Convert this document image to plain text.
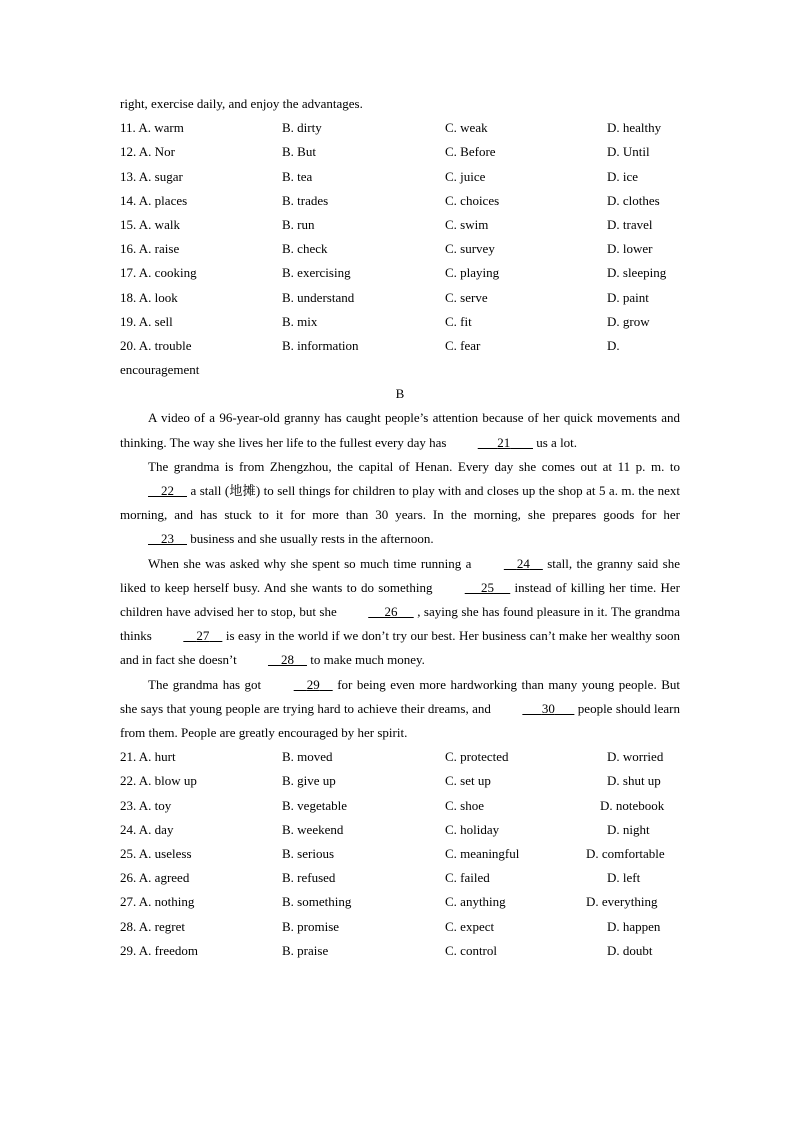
right, exercise daily, and enjoy the advantages.
11. A. warm	B. dirty	C. weak	D. healthy
12. A. Nor	B. But	C. Before	D. Until
13. A. sugar	B. tea	C. juice	D. ice
14. A. places	B. trades	C. choices	D. clothes
15. A. walk	B. run	C. swim	D. travel
16. A. raise	B. check	C. survey	D. lower
17. A. cooking	B. exercising	C. playing	D. sleeping
18. A. look	B. understand	C. serve	D. paint
19. A. sell	B. mix	C. fit	D. grow
20. A. trouble	B. information	C. fear	D.
encouragement
B

A video of a 96-year-old granny has caught people’s attention because of her quick movements and thinking. The way she lives her life to the fullest every day has	21        us a lot.

The grandma is from Zhengzhou, the capital of Henan. Every day she comes out at 11 p. m. to     22     a stall (地摊) to sell things for children to play with and closes up the shop at 5 a. m. the next morning, and has stuck to it for more than 30 years. In the morning, she prepares goods for her     23     business and she usually rests in the afternoon.

When she was asked why she spent so much time running a	24     stall, the granny said she liked to keep herself busy. And she wants to do something	25      instead of killing her time. Her children have advised her to stop, but she	26      , saying she has found pleasure in it. The grandma thinks	27     is easy in the world if we don’t try our best. Her business can’t make her wealthy soon and in fact she doesn’t	28     to make much money.

The grandma has got	29     for being even more hardworking than many young people. But she says that young people are trying hard to achieve their dreams, and	30       people should learn from them. People are greatly encouraged by her spirit.

21. A. hurt	B. moved	C. protected	D. worried
22. A. blow up	B. give up	C. set up	D. shut up
23. A. toy	B. vegetable	C. shoe	D. notebook
24. A. day	B. weekend	C. holiday	D. night
25. A. useless	B. serious	C. meaningful	D. comfortable
26. A. agreed	B. refused	C. failed	D. left
27. A. nothing	B. something	C. anything	D. everything
28. A. regret	B. promise	C. expect	D. happen
29. A. freedom	B. praise	C. control	D. doubt
